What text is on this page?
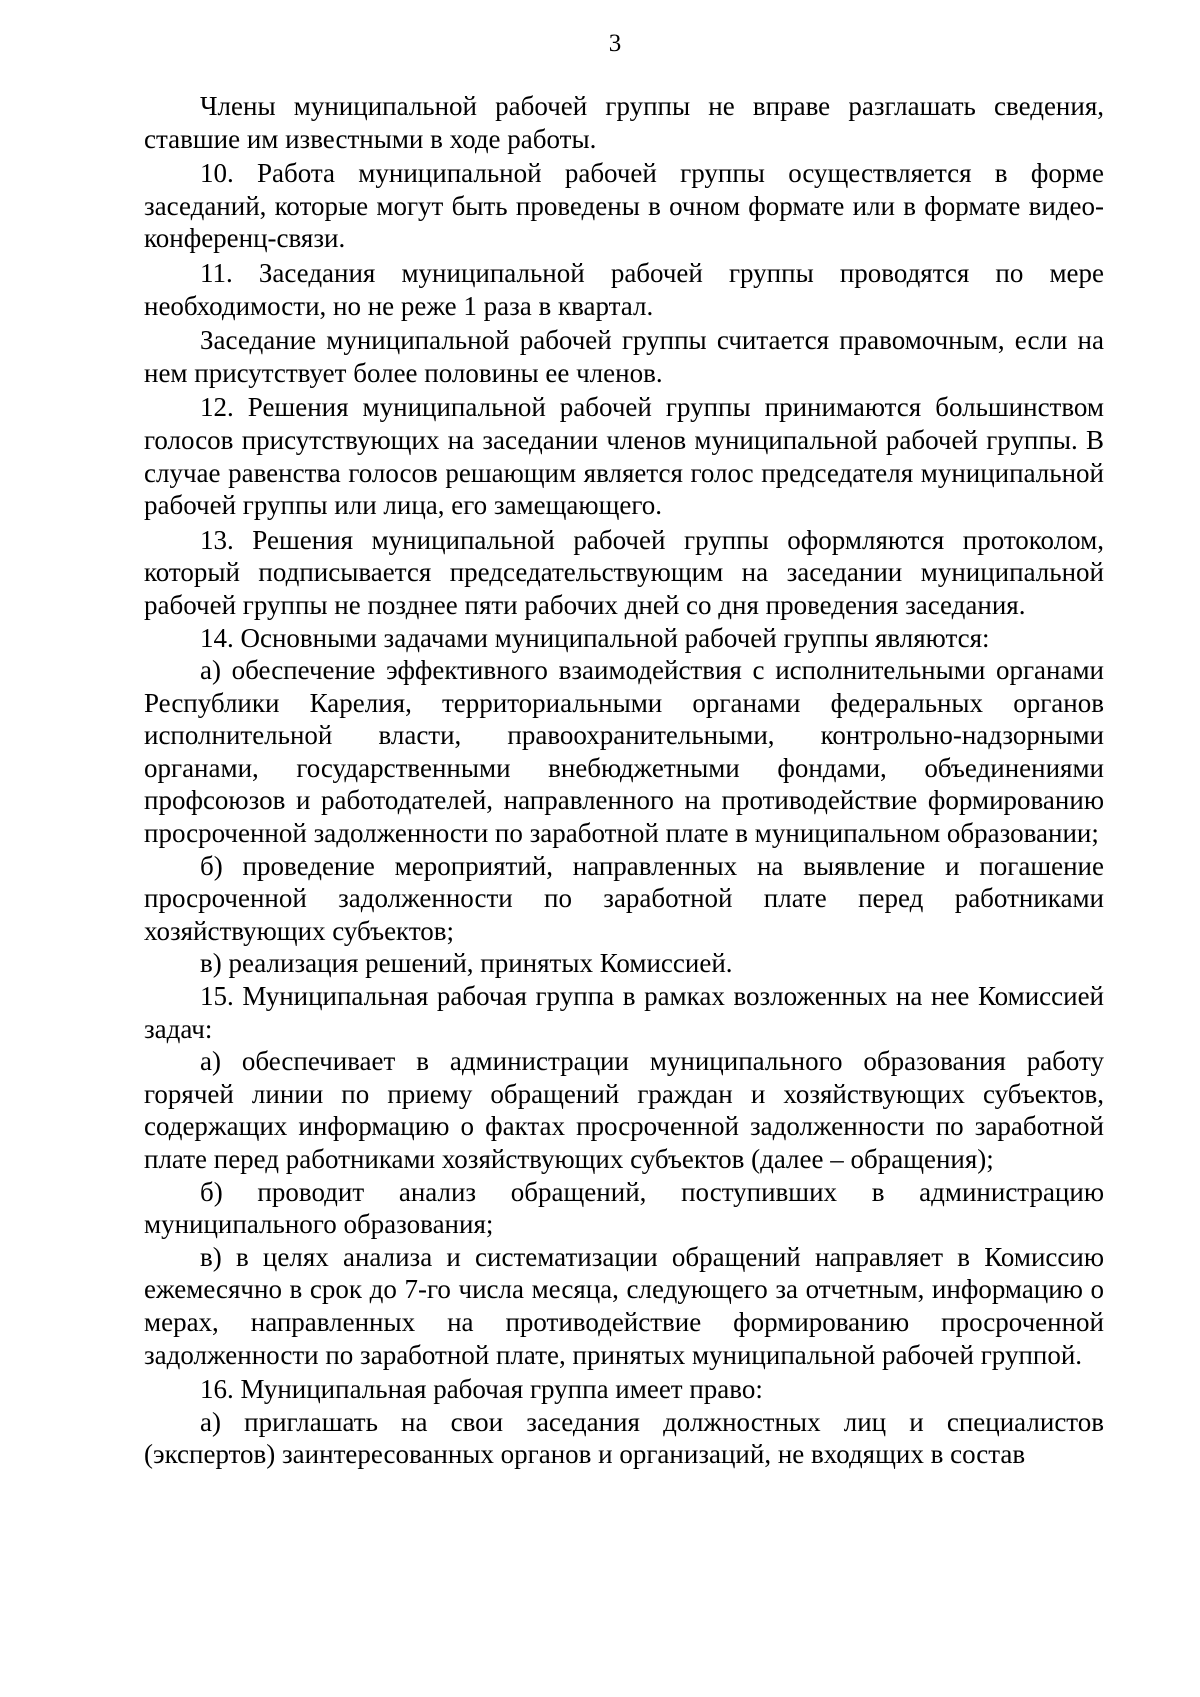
3

Члены муниципальной рабочей группы не вправе разглашать сведения, ставшие им известными в ходе работы.

10. Работа муниципальной рабочей группы осуществляется в форме заседаний, которые могут быть проведены в очном формате или в формате видео-конференц-связи.

11. Заседания муниципальной рабочей группы проводятся по мере необходимости, но не реже 1 раза в квартал.

Заседание муниципальной рабочей группы считается правомочным, если на нем присутствует более половины ее членов.

12. Решения муниципальной рабочей группы принимаются большинством голосов присутствующих на заседании членов муниципальной рабочей группы. В случае равенства голосов решающим является голос председателя муниципальной рабочей группы или лица, его замещающего.

13. Решения муниципальной рабочей группы оформляются протоколом, который подписывается председательствующим на заседании муниципальной рабочей группы не позднее пяти рабочих дней со дня проведения заседания.

14. Основными задачами муниципальной рабочей группы являются:

а) обеспечение эффективного взаимодействия с исполнительными органами Республики Карелия, территориальными органами федеральных органов исполнительной власти, правоохранительными, контрольно-надзорными органами, государственными внебюджетными фондами, объединениями профсоюзов и работодателей, направленного на противодействие формированию просроченной задолженности по заработной плате в муниципальном образовании;

б) проведение мероприятий, направленных на выявление и погашение просроченной задолженности по заработной плате перед работниками хозяйствующих субъектов;

в) реализация решений, принятых Комиссией.

15. Муниципальная рабочая группа в рамках возложенных на нее Комиссией задач:

а) обеспечивает в администрации муниципального образования работу горячей линии по приему обращений граждан и хозяйствующих субъектов, содержащих информацию о фактах просроченной задолженности по заработной плате перед работниками хозяйствующих субъектов (далее – обращения);

б) проводит анализ обращений, поступивших в администрацию муниципального образования;

в) в целях анализа и систематизации обращений направляет в Комиссию ежемесячно в срок до 7-го числа месяца, следующего за отчетным, информацию о мерах, направленных на противодействие формированию просроченной задолженности по заработной плате, принятых муниципальной рабочей группой.

16. Муниципальная рабочая группа имеет право:

а) приглашать на свои заседания должностных лиц и специалистов (экспертов) заинтересованных органов и организаций, не входящих в состав
